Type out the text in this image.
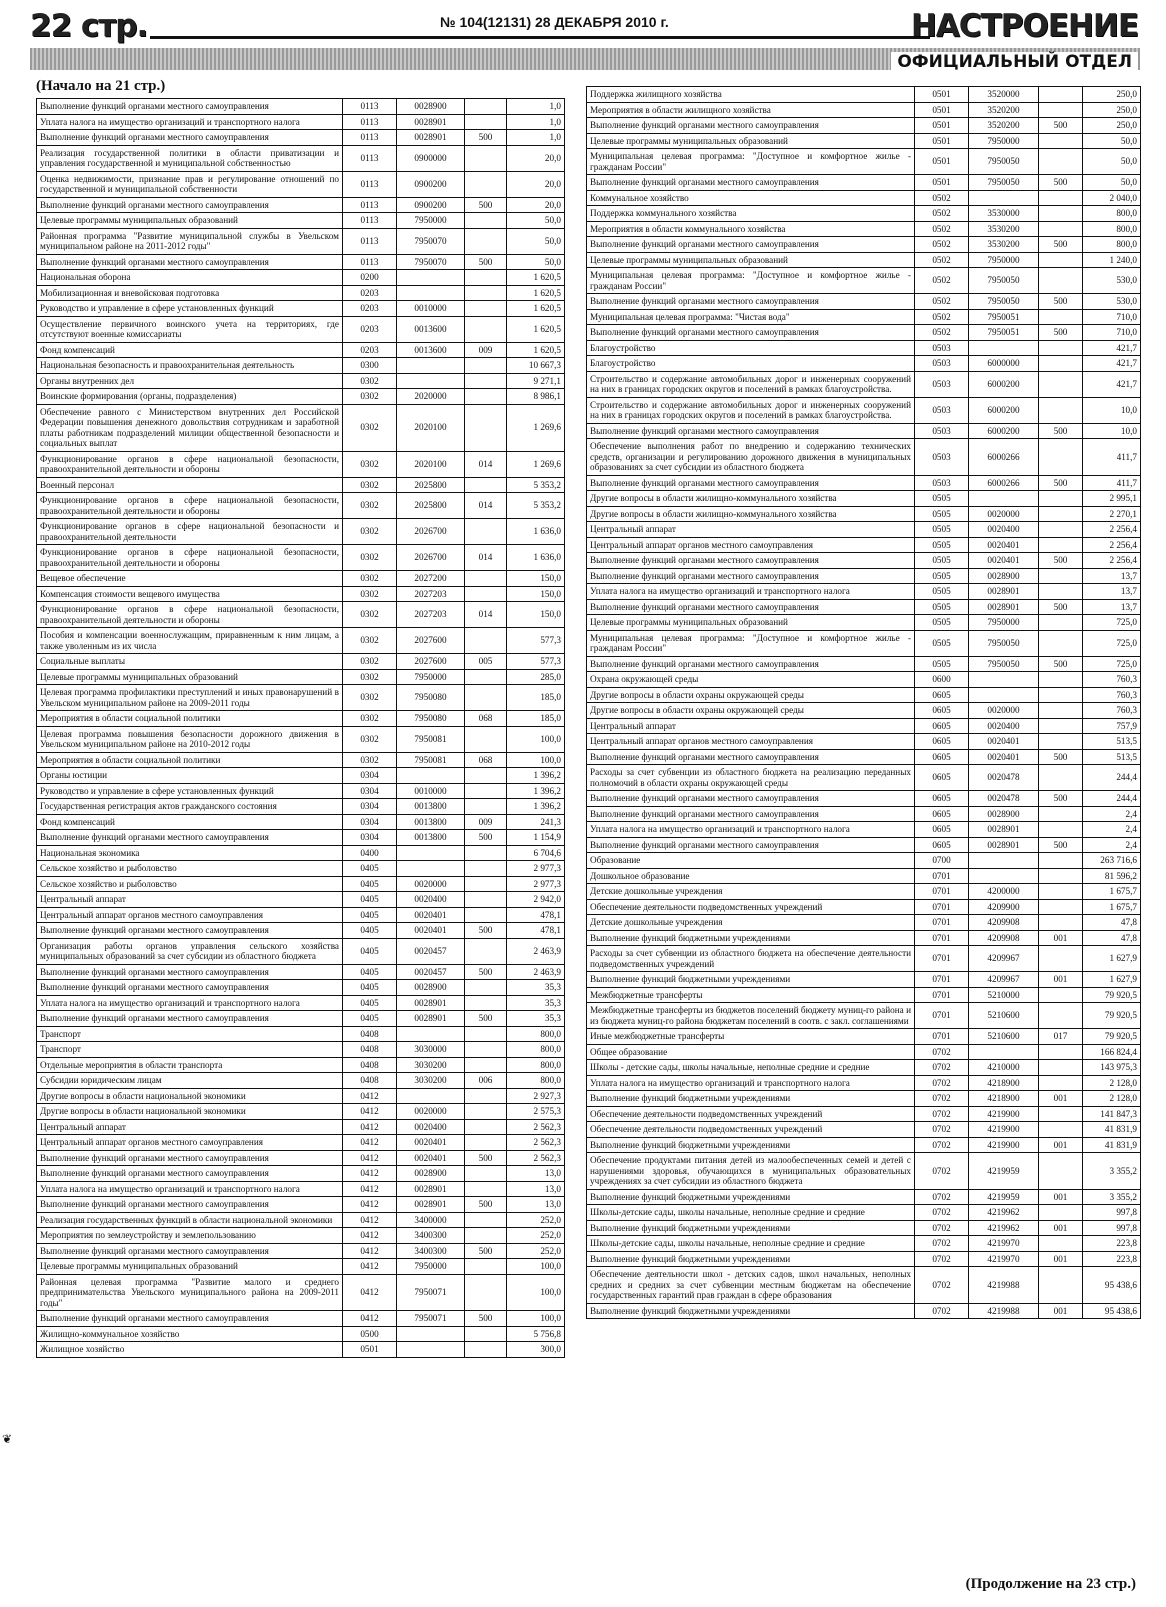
22 стр.	№ 104(12131) 28 ДЕКАБРЯ 2010 г.	НАСТРОЕНИЕ
ОФИЦИАЛЬНЫЙ ОТДЕЛ
(Начало на 21 стр.)
Выполнение функций органами местного самоуправления	0113	0028900		1,0
Уплата налога на имущество организаций и транспортного налога	0113	0028901		1,0
Выполнение функций органами местного самоуправления	0113	0028901	500	1,0
Реализация государственной политики в области приватизации и управления государственной и муниципальной собственностью	0113	0900000		20,0
Оценка недвижимости, признание прав и регулирование отношений по государственной и муниципальной собственности	0113	0900200		20,0
Выполнение функций органами местного самоуправления	0113	0900200	500	20,0
Целевые программы муниципальных образований	0113	7950000		50,0
Районная программа "Развитие муниципальной службы в Увельском муниципальном районе на 2011-2012 годы"	0113	7950070		50,0
Выполнение функций органами местного самоуправления	0113	7950070	500	50,0
Национальная оборона	0200			1 620,5
Мобилизационная и вневойсковая подготовка	0203			1 620,5
Руководство и управление в сфере установленных функций	0203	0010000		1 620,5
Осуществление первичного воинского учета на территориях, где отсутствуют военные комиссариаты	0203	0013600		1 620,5
Фонд компенсаций	0203	0013600	009	1 620,5
Национальная безопасность и правоохранительная деятельность	0300			10 667,3
Органы внутренних дел	0302			9 271,1
Воинские формирования (органы, подразделения)	0302	2020000		8 986,1
Обеспечение равного с Министерством внутренних дел Российской Федерации повышения денежного довольствия сотрудникам и заработной платы работникам подразделений милиции общественной безопасности и социальных выплат	0302	2020100		1 269,6
Функционирование органов в сфере национальной безопасности, правоохранительной деятельности и обороны	0302	2020100	014	1 269,6
Военный персонал	0302	2025800		5 353,2
Функционирование органов в сфере национальной безопасности, правоохранительной деятельности и обороны	0302	2025800	014	5 353,2
Функционирование органов в сфере национальной безопасности и правоохранительной деятельности	0302	2026700		1 636,0
Функционирование органов в сфере национальной безопасности, правоохранительной деятельности и обороны	0302	2026700	014	1 636,0
Вещевое обеспечение	0302	2027200		150,0
Компенсация стоимости вещевого имущества	0302	2027203		150,0
Функционирование органов в сфере национальной безопасности, правоохранительной деятельности и обороны	0302	2027203	014	150,0
Пособия и компенсации военнослужащим, приравненным к ним лицам, а также уволенным из их числа	0302	2027600		577,3
Социальные выплаты	0302	2027600	005	577,3
Целевые программы муниципальных образований	0302	7950000		285,0
Целевая программа профилактики преступлений и иных правонарушений в Увельском муниципальном районе на 2009-2011 годы	0302	7950080		185,0
Мероприятия в области социальной политики	0302	7950080	068	185,0
Целевая программа повышения безопасности дорожного движения в Увельском муниципальном районе на 2010-2012 годы	0302	7950081		100,0
Мероприятия в области социальной политики	0302	7950081	068	100,0
Органы юстиции	0304			1 396,2
Руководство и управление в сфере установленных функций	0304	0010000		1 396,2
Государственная регистрация актов гражданского состояния	0304	0013800		1 396,2
Фонд компенсаций	0304	0013800	009	241,3
Выполнение функций органами местного самоуправления	0304	0013800	500	1 154,9
Национальная экономика	0400			6 704,6
Сельское хозяйство и рыболовство	0405			2 977,3
Сельское хозяйство и рыболовство	0405	0020000		2 977,3
Центральный аппарат	0405	0020400		2 942,0
Центральный аппарат органов местного самоуправления	0405	0020401		478,1
Выполнение функций органами местного самоуправления	0405	0020401	500	478,1
Организация работы органов управления сельского хозяйства муниципальных образований за счет субсидии из областного бюджета	0405	0020457		2 463,9
Выполнение функций органами местного самоуправления	0405	0020457	500	2 463,9
Выполнение функций органами местного самоуправления	0405	0028900		35,3
Уплата налога на имущество организаций и транспортного налога	0405	0028901		35,3
Выполнение функций органами местного самоуправления	0405	0028901	500	35,3
Транспорт	0408			800,0
Транспорт	0408	3030000		800,0
Отдельные мероприятия в области транспорта	0408	3030200		800,0
Субсидии юридическим лицам	0408	3030200	006	800,0
Другие вопросы в области национальной экономики	0412			2 927,3
Другие вопросы в области национальной экономики	0412	0020000		2 575,3
Центральный аппарат	0412	0020400		2 562,3
Центральный аппарат органов местного самоуправления	0412	0020401		2 562,3
Выполнение функций органами местного самоуправления	0412	0020401	500	2 562,3
Выполнение функций органами местного самоуправления	0412	0028900		13,0
Уплата налога на имущество организаций и транспортного налога	0412	0028901		13,0
Выполнение функций органами местного самоуправления	0412	0028901	500	13,0
Реализация государственных функций в области национальной экономики	0412	3400000		252,0
Мероприятия по землеустройству и землепользованию	0412	3400300		252,0
Выполнение функций органами местного самоуправления	0412	3400300	500	252,0
Целевые программы муниципальных образований	0412	7950000		100,0
Районная целевая программа "Развитие малого и среднего предпринимательства Увельского муниципального района на 2009-2011 годы"	0412	7950071		100,0
Выполнение функций органами местного самоуправления	0412	7950071	500	100,0
Жилищно-коммунальное хозяйство	0500			5 756,8
Жилищное хозяйство	0501			300,0
Поддержка жилищного хозяйства	0501	3520000		250,0
Мероприятия в области жилищного хозяйства	0501	3520200		250,0
Выполнение функций органами местного самоуправления	0501	3520200	500	250,0
Целевые программы муниципальных образований	0501	7950000		50,0
Муниципальная целевая программа: "Доступное и комфортное жилье - гражданам России"	0501	7950050		50,0
Выполнение функций органами местного самоуправления	0501	7950050	500	50,0
Коммунальное хозяйство	0502			2 040,0
Поддержка коммунального хозяйства	0502	3530000		800,0
Мероприятия в области коммунального хозяйства	0502	3530200		800,0
Выполнение функций органами местного самоуправления	0502	3530200	500	800,0
Целевые программы муниципальных образований	0502	7950000		1 240,0
Муниципальная целевая программа: "Доступное и комфортное жилье - гражданам России"	0502	7950050		530,0
Выполнение функций органами местного самоуправления	0502	7950050	500	530,0
Муниципальная целевая программа: "Чистая вода"	0502	7950051		710,0
Выполнение функций органами местного самоуправления	0502	7950051	500	710,0
Благоустройство	0503			421,7
Благоустройство	0503	6000000		421,7
Строительство и содержание автомобильных дорог и инженерных сооружений на них в границах городских округов и поселений в рамках благоустройства.	0503	6000200		421,7
Строительство и содержание автомобильных дорог и инженерных сооружений на них в границах городских округов и поселений в рамках благоустройства.	0503	6000200		10,0
Выполнение функций органами местного самоуправления	0503	6000200	500	10,0
Обеспечение выполнения работ по внедрению и содержанию технических средств, организации и регулированию дорожного движения в муниципальных образованиях за счет субсидии из областного бюджета	0503	6000266		411,7
Выполнение функций органами местного самоуправления	0503	6000266	500	411,7
Другие вопросы в области жилищно-коммунального хозяйства	0505			2 995,1
Другие вопросы в области жилищно-коммунального хозяйства	0505	0020000		2 270,1
Центральный аппарат	0505	0020400		2 256,4
Центральный аппарат органов местного самоуправления	0505	0020401		2 256,4
Выполнение функций органами местного самоуправления	0505	0020401	500	2 256,4
Выполнение функций органами местного самоуправления	0505	0028900		13,7
Уплата налога на имущество организаций и транспортного налога	0505	0028901		13,7
Выполнение функций органами местного самоуправления	0505	0028901	500	13,7
Целевые программы муниципальных образований	0505	7950000		725,0
Муниципальная целевая программа: "Доступное и комфортное жилье - гражданам России"	0505	7950050		725,0
Выполнение функций органами местного самоуправления	0505	7950050	500	725,0
Охрана окружающей среды	0600			760,3
Другие вопросы в области охраны окружающей среды	0605			760,3
Другие вопросы в области охраны окружающей среды	0605	0020000		760,3
Центральный аппарат	0605	0020400		757,9
Центральный аппарат органов местного самоуправления	0605	0020401		513,5
Выполнение функций органами местного самоуправления	0605	0020401	500	513,5
Расходы за счет субвенции из областного бюджета на реализацию переданных полномочий в области охраны окружающей среды	0605	0020478		244,4
Выполнение функций органами местного самоуправления	0605	0020478	500	244,4
Выполнение функций органами местного самоуправления	0605	0028900		2,4
Уплата налога на имущество организаций и транспортного налога	0605	0028901		2,4
Выполнение функций органами местного самоуправления	0605	0028901	500	2,4
Образование	0700			263 716,6
Дошкольное образование	0701			81 596,2
Детские дошкольные учреждения	0701	4200000		1 675,7
Обеспечение деятельности подведомственных учреждений	0701	4209900		1 675,7
Детские дошкольные учреждения	0701	4209908		47,8
Выполнение функций бюджетными учреждениями	0701	4209908	001	47,8
Расходы за счет субвенции из областного бюджета на обеспечение деятельности подведомственных учреждений	0701	4209967		1 627,9
Выполнение функций бюджетными учреждениями	0701	4209967	001	1 627,9
Межбюджетные трансферты	0701	5210000		79 920,5
Межбюджетные трансферты из бюджетов поселений бюджету муниц-го района и из бюджета муниц-го района бюджетам поселений в соотв. с закл. соглашениями	0701	5210600		79 920,5
Иные межбюджетные трансферты	0701	5210600	017	79 920,5
Общее образование	0702			166 824,4
Школы - детские сады, школы начальные, неполные средние и средние	0702	4210000		143 975,3
Уплата налога на имущество организаций и транспортного налога	0702	4218900		2 128,0
Выполнение функций бюджетными учреждениями	0702	4218900	001	2 128,0
Обеспечение деятельности подведомственных учреждений	0702	4219900		141 847,3
Обеспечение деятельности подведомственных учреждений	0702	4219900		41 831,9
Выполнение функций бюджетными учреждениями	0702	4219900	001	41 831,9
Обеспечение продуктами питания детей из малообеспеченных семей и детей с нарушениями здоровья, обучающихся в муниципальных образовательных учреждениях за счет субсидии из областного бюджета	0702	4219959		3 355,2
Выполнение функций бюджетными учреждениями	0702	4219959	001	3 355,2
Школы-детские сады, школы начальные, неполные средние и средние	0702	4219962		997,8
Выполнение функций бюджетными учреждениями	0702	4219962	001	997,8
Школы-детские сады, школы начальные, неполные средние и средние	0702	4219970		223,8
Выполнение функций бюджетными учреждениями	0702	4219970	001	223,8
Обеспечение деятельности школ - детских садов, школ начальных, неполных средних и средних за счет субвенции местным бюджетам на обеспечение государственных гарантий прав граждан в сфере образования	0702	4219988		95 438,6
Выполнение функций бюджетными учреждениями	0702	4219988	001	95 438,6
❦
(Продолжение на 23 стр.)
